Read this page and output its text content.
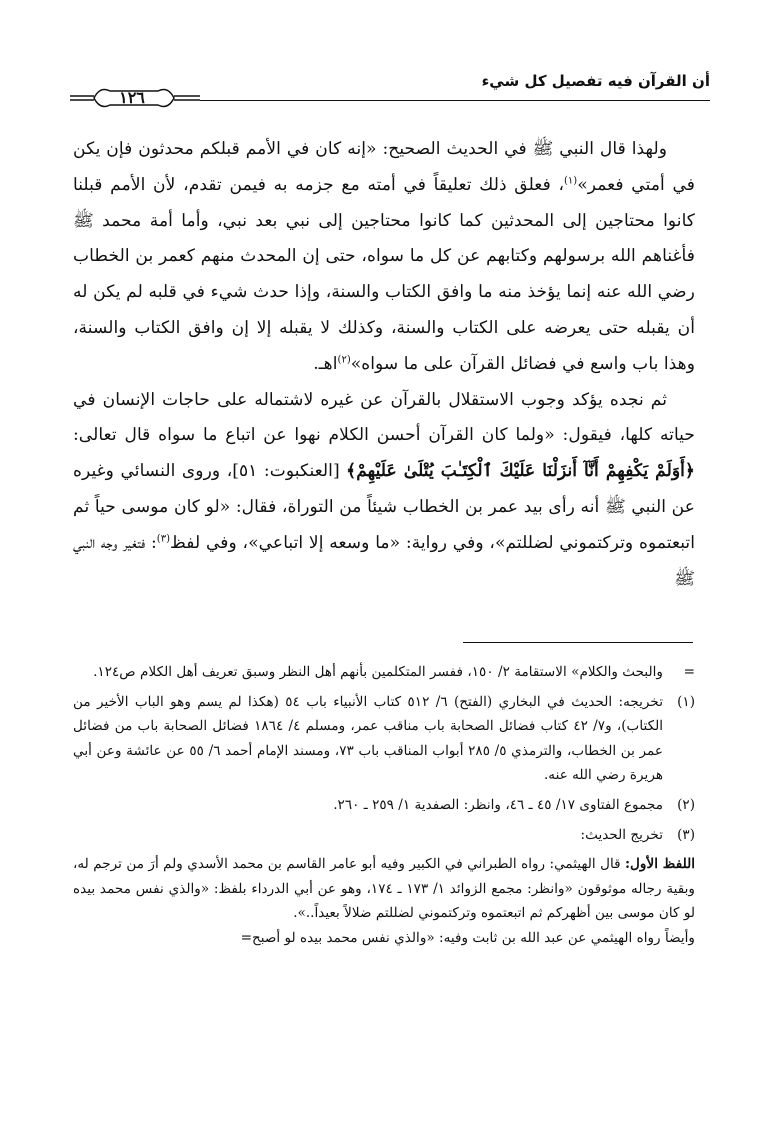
أن القرآن فيه تفصيل كل شيء
١٢٦

ولهذا قال النبي ﷺ في الحديث الصحيح: «إنه كان في الأمم قبلكم محدثون فإن يكن في أمتي فعمر»$^{(١)}$، فعلق ذلك تعليقاً في أمته مع جزمه به فيمن تقدم، لأن الأمم قبلنا كانوا محتاجين إلى المحدثين كما كانوا محتاجين إلى نبي بعد نبي، وأما أمة محمد ﷺ فأغناهم الله برسولهم وكتابهم عن كل ما سواه، حتى إن المحدث منهم كعمر بن الخطاب رضي الله عنه إنما يؤخذ منه ما وافق الكتاب والسنة، وإذا حدث شيء في قلبه لم يكن له أن يقبله حتى يعرضه على الكتاب والسنة، وكذلك لا يقبله إلا إن وافق الكتاب والسنة، وهذا باب واسع في فضائل القرآن على ما سواه»$^{(٢)}$اهـ.

ثم نجده يؤكد وجوب الاستقلال بالقرآن عن غيره لاشتماله على حاجات الإنسان في حياته كلها، فيقول: «ولما كان القرآن أحسن الكلام نهوا عن اتباع ما سواه قال تعالى: ﴿أَوَلَمْ يَكْفِهِمْ أَنَّآ أَنزَلْنَا عَلَيْكَ ٱلْكِتَـٰبَ يُتْلَىٰ عَلَيْهِمْ﴾ [العنكبوت: ٥١]، وروى النسائي وغيره عن النبي ﷺ أنه رأى بيد عمر بن الخطاب شيئاً من التوراة، فقال: «لو كان موسى حياً ثم اتبعتموه وتركتموني لضللتم»، وفي رواية: «ما وسعه إلا اتباعي»، وفي لفظ$^{(٣)}$: فتغير وجه النبي ﷺ

=
والبحث والكلام» الاستقامة ٢/ ١٥٠، ففسر المتكلمين بأنهم أهل النظر وسبق تعريف أهل الكلام ص١٢٤.
(١)
تخريجه: الحديث في البخاري (الفتح) ٦/ ٥١٢ كتاب الأنبياء باب ٥٤ (هكذا لم يسم وهو الباب الأخير من الكتاب)، و٧/ ٤٢ كتاب فضائل الصحابة باب مناقب عمر، ومسلم ٤/ ١٨٦٤ فضائل الصحابة باب من فضائل عمر بن الخطاب، والترمذي ٥/ ٢٨٥ أبواب المناقب باب ٧٣، ومسند الإمام أحمد ٦/ ٥٥ عن عائشة وعن أبي هريرة رضي الله عنه.
(٢)
مجموع الفتاوى ١٧/ ٤٥ ـ ٤٦، وانظر: الصفدية ١/ ٢٥٩ ـ ٢٦٠.
(٣)
تخريج الحديث:

اللفظ الأول: قال الهيثمي: رواه الطبراني في الكبير وفيه أبو عامر القاسم بن محمد الأسدي ولم أرَ من ترجم له، وبقية رجاله موثوقون «وانظر: مجمع الزوائد ١/ ١٧٣ ـ ١٧٤، وهو عن أبي الدرداء بلفظ: «والذي نفس محمد بيده لو كان موسى بين أظهركم ثم اتبعتموه وتركتموني لضللتم ضلالاً بعيداً..».

وأيضاً رواه الهيثمي عن عبد الله بن ثابت وفيه: «والذي نفس محمد بيده لو أصبح=
